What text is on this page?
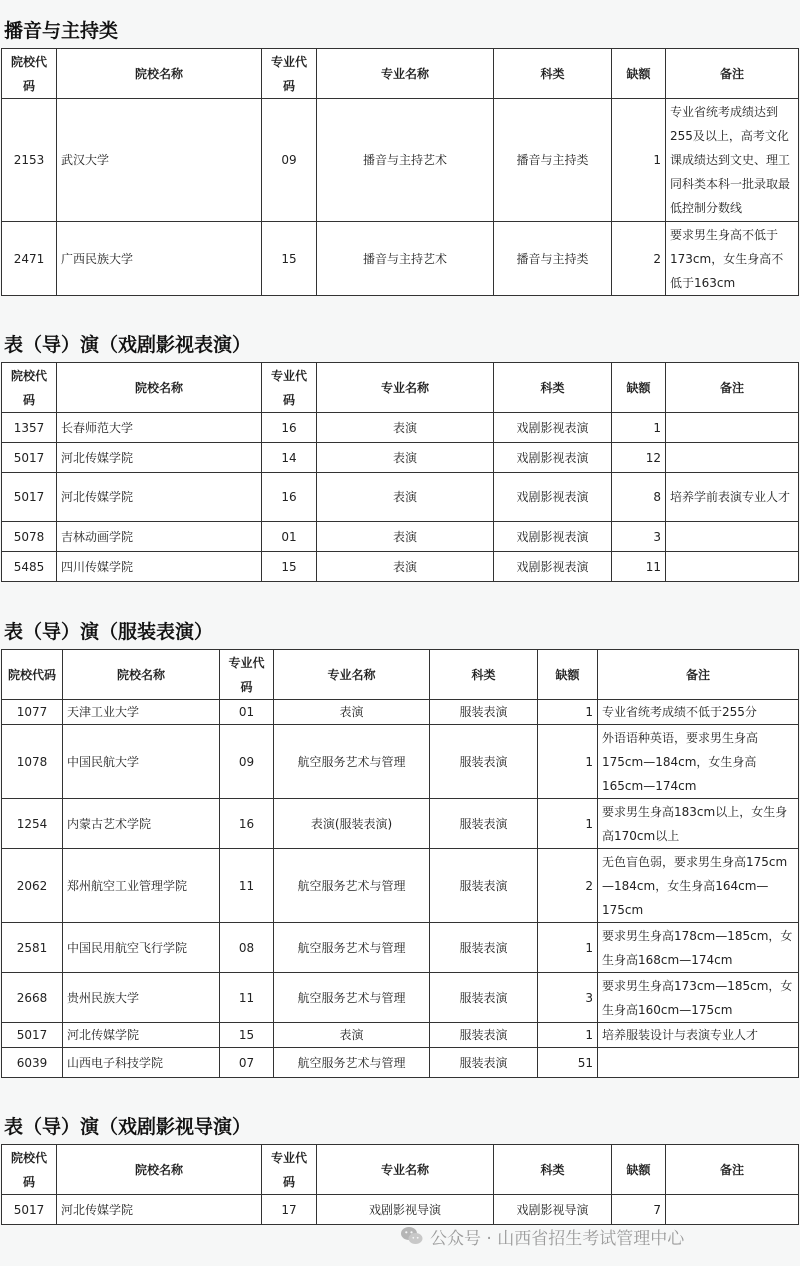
播音与主持类
院校代码	院校名称	专业代码	专业名称	科类	缺额	备注
2153	武汉大学	09	播音与主持艺术	播音与主持类	1	专业省统考成绩达到255及以上，高考文化课成绩达到文史、理工同科类本科一批录取最低控制分数线
2471	广西民族大学	15	播音与主持艺术	播音与主持类	2	要求男生身高不低于173cm，女生身高不低于163cm
表（导）演（戏剧影视表演）
院校代码	院校名称	专业代码	专业名称	科类	缺额	备注
1357	长春师范大学	16	表演	戏剧影视表演	1	
5017	河北传媒学院	14	表演	戏剧影视表演	12	
5017	河北传媒学院	16	表演	戏剧影视表演	8	培养学前表演专业人才
5078	吉林动画学院	01	表演	戏剧影视表演	3	
5485	四川传媒学院	15	表演	戏剧影视表演	11	
表（导）演（服装表演）
院校代码	院校名称	专业代码	专业名称	科类	缺额	备注
1077	天津工业大学	01	表演	服装表演	1	专业省统考成绩不低于255分
1078	中国民航大学	09	航空服务艺术与管理	服装表演	1	外语语种英语，要求男生身高175cm—184cm，女生身高165cm—174cm
1254	内蒙古艺术学院	16	表演(服装表演)	服装表演	1	要求男生身高183cm以上，女生身高170cm以上
2062	郑州航空工业管理学院	11	航空服务艺术与管理	服装表演	2	无色盲色弱，要求男生身高175cm—184cm，女生身高164cm—175cm
2581	中国民用航空飞行学院	08	航空服务艺术与管理	服装表演	1	要求男生身高178cm—185cm，女生身高168cm—174cm
2668	贵州民族大学	11	航空服务艺术与管理	服装表演	3	要求男生身高173cm—185cm，女生身高160cm—175cm
5017	河北传媒学院	15	表演	服装表演	1	培养服装设计与表演专业人才
6039	山西电子科技学院	07	航空服务艺术与管理	服装表演	51	
表（导）演（戏剧影视导演）
院校代码	院校名称	专业代码	专业名称	科类	缺额	备注
5017	河北传媒学院	17	戏剧影视导演	戏剧影视导演	7	
公众号 · 山西省招生考试管理中心
